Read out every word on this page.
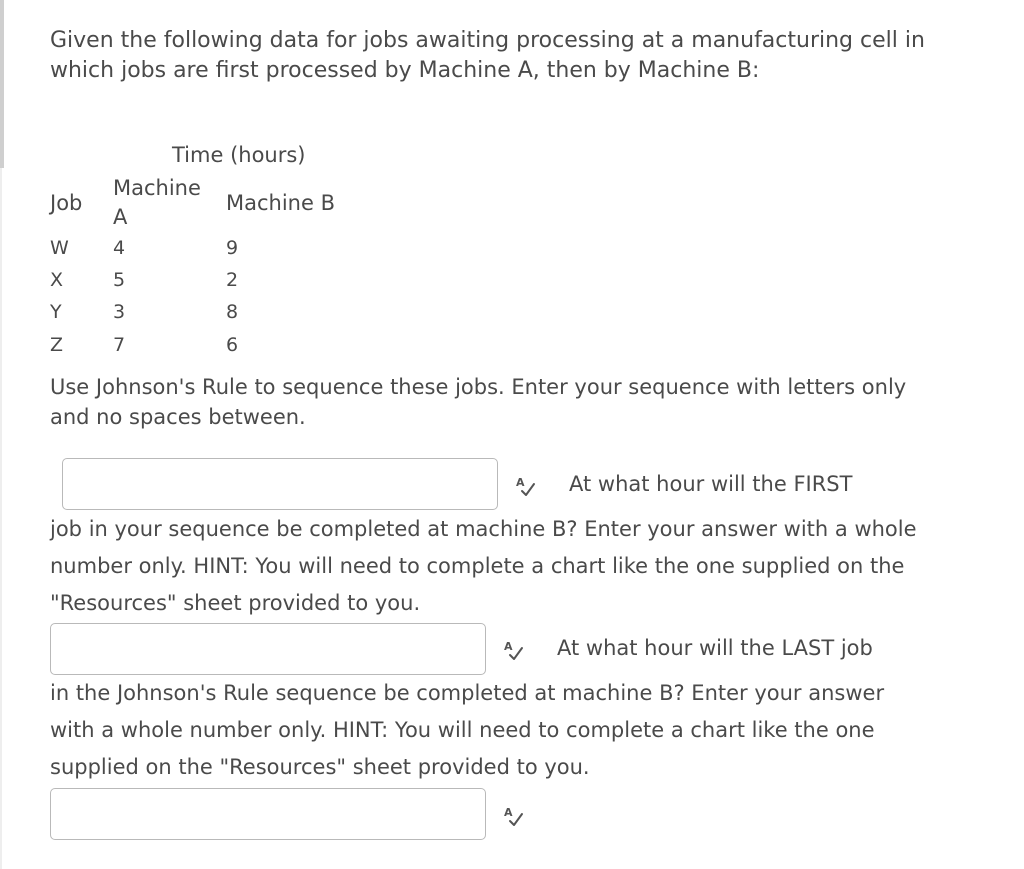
Given the following data for jobs awaiting processing at a manufacturing cell in which jobs are first processed by Machine A, then by Machine B:

Time (hours)
Job
Machine
A
Machine B
W 4	9
X	5	2
Y	3	8
Z	7	6

Use Johnson's Rule to sequence these jobs. Enter your sequence with letters only and no spaces between.

A At what hour will the FIRST

job in your sequence be completed at machine B? Enter your answer with a whole number only. HINT: You will need to complete a chart like the one supplied on the "Resources" sheet provided to you.

A At what hour will the LAST job

in the Johnson's Rule sequence be completed at machine B? Enter your answer with a whole number only. HINT: You will need to complete a chart like the one supplied on the "Resources" sheet provided to you.

A
